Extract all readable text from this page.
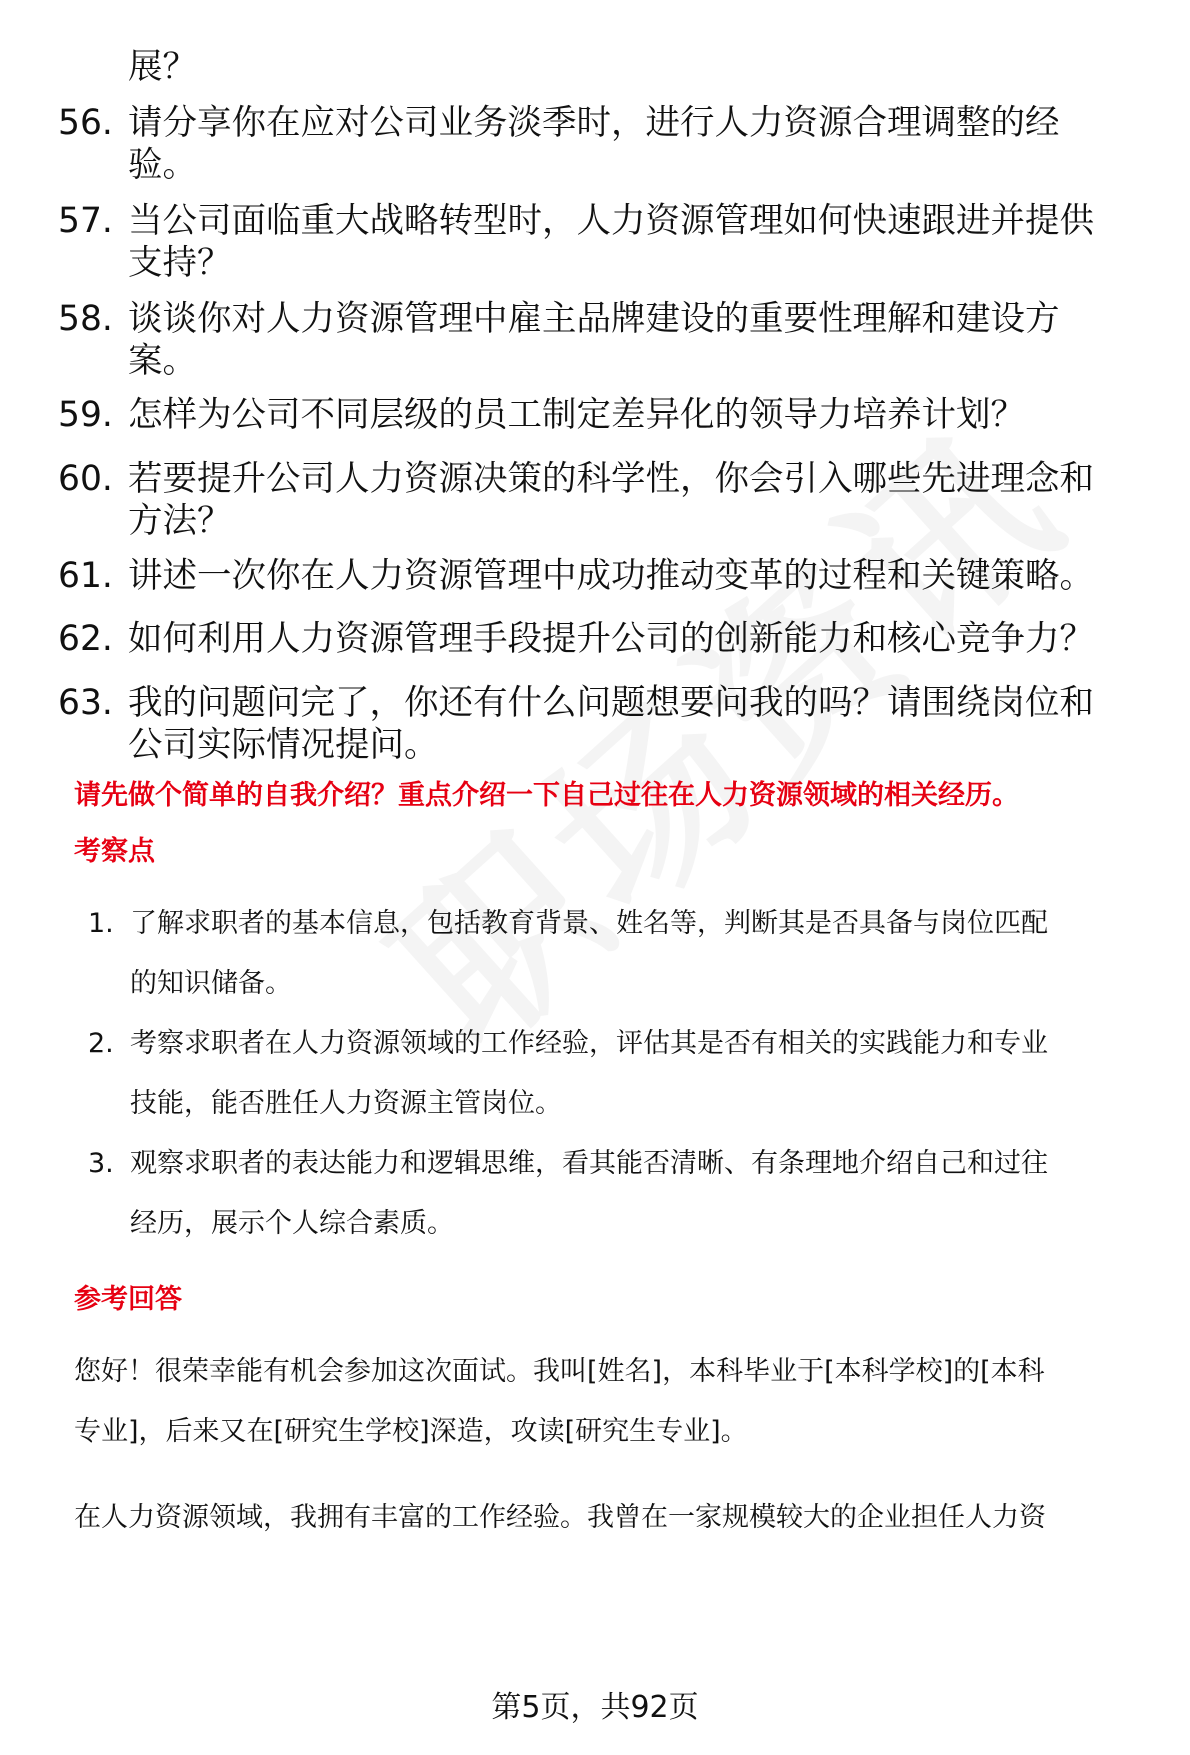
展？
56. 请分享你在应对公司业务淡季时，进行人力资源合理调整的经
验。
57. 当公司面临重大战略转型时，人力资源管理如何快速跟进并提供
支持？
58. 谈谈你对人力资源管理中雇主品牌建设的重要性理解和建设方
案。
59. 怎样为公司不同层级的员工制定差异化的领导力培养计划？
60. 若要提升公司人力资源决策的科学性，你会引入哪些先进理念和
方法？
61. 讲述一次你在人力资源管理中成功推动变革的过程和关键策略。
62. 如何利用人力资源管理手段提升公司的创新能力和核心竞争力？
63. 我的问题问完了，你还有什么问题想要问我的吗？请围绕岗位和
公司实际情况提问。
请先做个简单的自我介绍？重点介绍一下自己过往在人力资源领域的相关经历。
考察点
1. 了解求职者的基本信息，包括教育背景、姓名等，判断其是否具备与岗位匹配
的知识储备。
2. 考察求职者在人力资源领域的工作经验，评估其是否有相关的实践能力和专业
技能，能否胜任人力资源主管岗位。
3. 观察求职者的表达能力和逻辑思维，看其能否清晰、有条理地介绍自己和过往
经历，展示个人综合素质。
参考回答
您好！很荣幸能有机会参加这次面试。我叫[姓名]，本科毕业于[本科学校]的[本科
专业]，后来又在[研究生学校]深造，攻读[研究生专业]。
在人力资源领域，我拥有丰富的工作经验。我曾在一家规模较大的企业担任人力资
第5页，共92页
